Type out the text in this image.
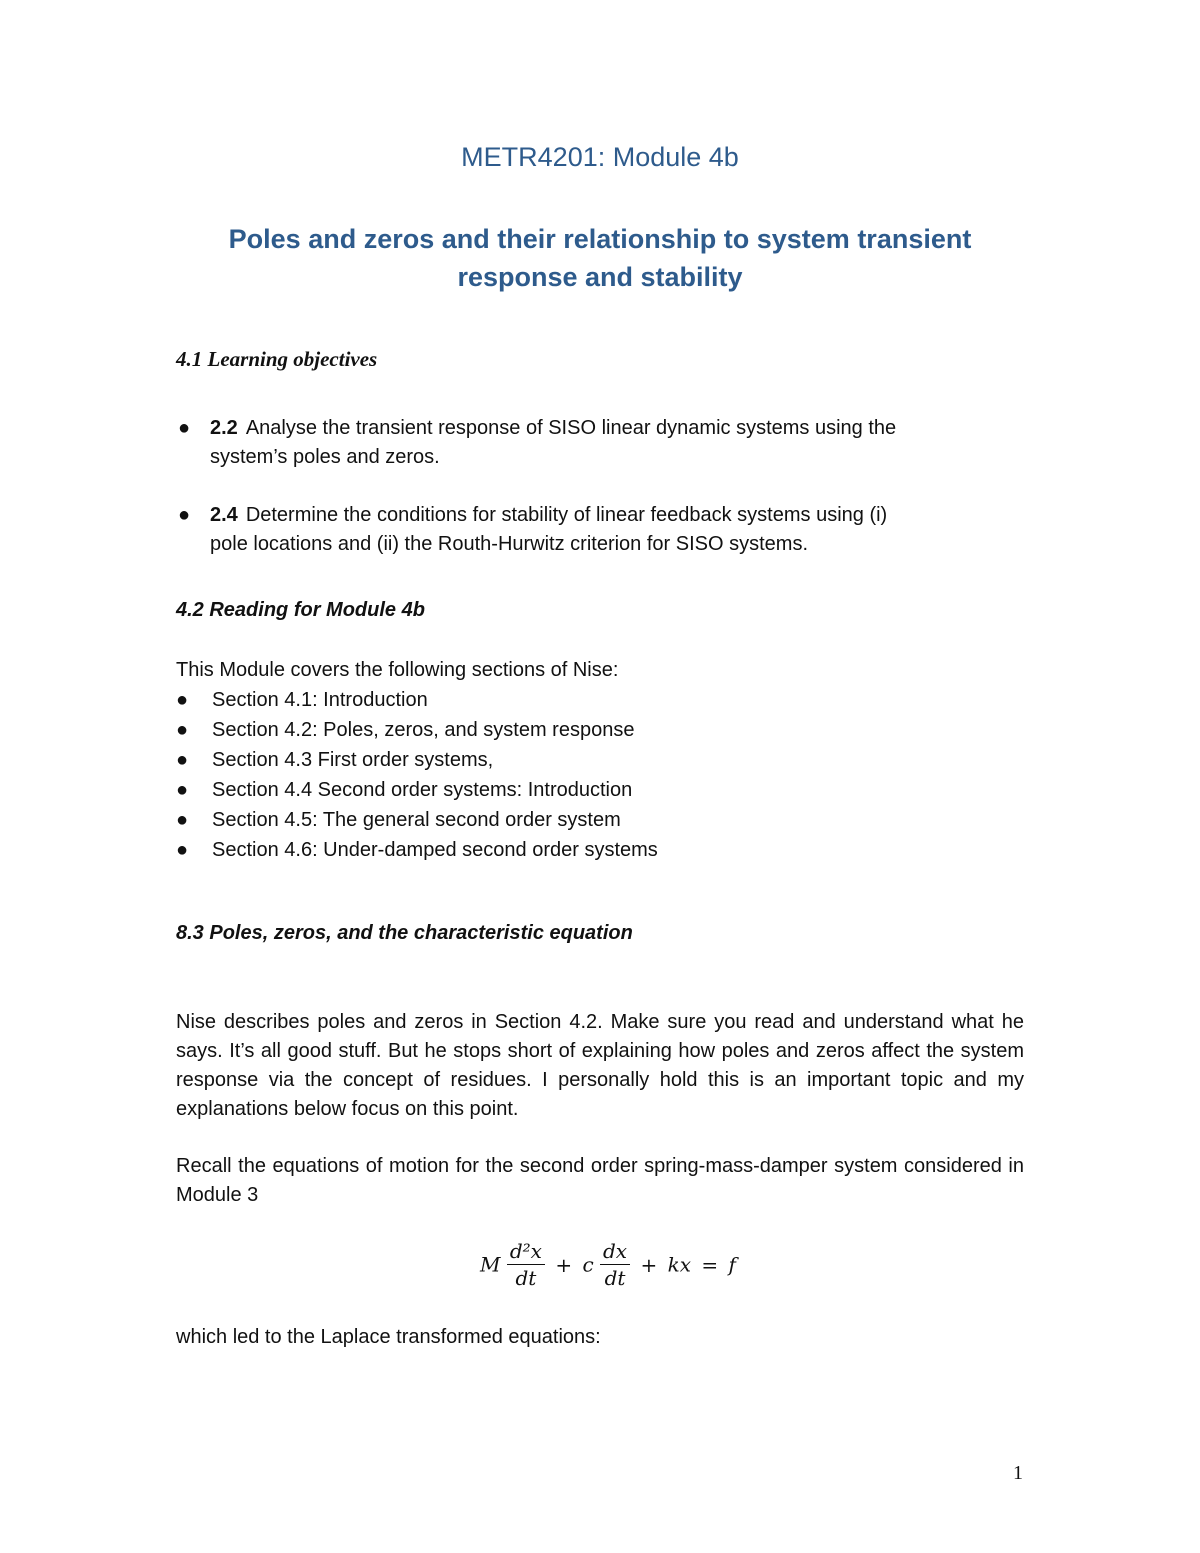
METR4201: Module 4b
Poles and zeros and their relationship to system transient
response and stability
4.1 Learning objectives
● 2.2 Analyse the transient response of SISO linear dynamic systems using the
system’s poles and zeros.
● 2.4 Determine the conditions for stability of linear feedback systems using (i)
pole locations and (ii) the Routh-Hurwitz criterion for SISO systems.
4.2 Reading for Module 4b
This Module covers the following sections of Nise:
● Section 4.1: Introduction
● Section 4.2: Poles, zeros, and system response
● Section 4.3 First order systems,
● Section 4.4 Second order systems: Introduction
● Section 4.5: The general second order system
● Section 4.6: Under-damped second order systems
8.3 Poles, zeros, and the characteristic equation
Nise describes poles and zeros in Section 4.2. Make sure you read and understand what he says. It’s all good stuff. But he stops short of explaining how poles and zeros affect the system response via the concept of residues. I personally hold this is an important topic and my explanations below focus on this point.
Recall the equations of motion for the second order spring-mass-damper system considered in Module 3
M $\frac{\text{d²x}}{dt} + c \frac{dx}{dt}$ + kx = f
which led to the Laplace transformed equations:
1
